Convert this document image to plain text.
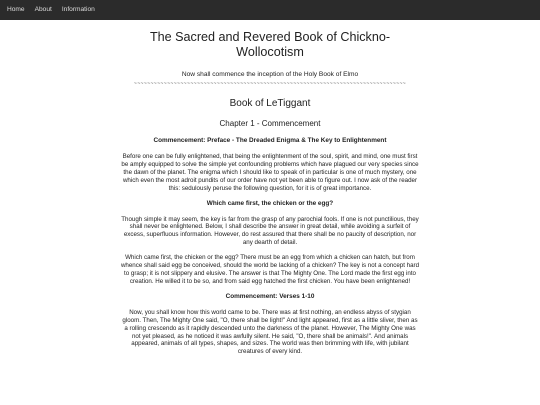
Home	About	Information
The Sacred and Revered Book of Chickno-Wollocotism

Now shall commence the inception of the Holy Book of Elmo

~~~~~~~~~~~~~~~~~~~~~~~~~~~~~~~~~~~~~~~~~~~~~~~~~~~~~~~~~~~~~~~~~~~~~~~~~~~~~~~~~~
Book of LeTiggant
Chapter 1 - Commencement
Commencement: Preface - The Dreaded Enigma & The Key to Enlightenment

Before one can be fully enlightened, that being the enlightenment of the soul, spirit, and mind, one must first be amply equipped to solve the simple yet confounding problems which have plagued our very species since the dawn of the planet. The enigma which I should like to speak of in particular is one of much mystery, one which even the most adroit pundits of our order have not yet been able to figure out. I now ask of the reader this: sedulously peruse the following question, for it is of great importance.

Which came first, the chicken or the egg?

Though simple it may seem, the key is far from the grasp of any parochial fools. If one is not punctilious, they shall never be enlightened. Below, I shall describe the answer in great detail, while avoiding a surfeit of excess, superfluous information. However, do rest assured that there shall be no paucity of description, nor any dearth of detail.

Which came first, the chicken or the egg? There must be an egg from which a chicken can hatch, but from whence shall said egg be conceived, should the world be lacking of a chicken? The key is not a concept hard to grasp; it is not slippery and elusive. The answer is that The Mighty One. The Lord made the first egg into creation. He willed it to be so, and from said egg hatched the first chicken. You have been enlightened!

Commencement: Verses 1-10

Now, you shall know how this world came to be. There was at first nothing, an endless abyss of stygian gloom. Then, The Mighty One said, "O, there shall be light!" And light appeared, first as a little sliver, then as a rolling crescendo as it rapidly descended unto the darkness of the planet. However, The Mighty One was not yet pleased, as he noticed it was awfully silent. He said, "O, there shall be animals!". And animals appeared, animals of all types, shapes, and sizes. The world was then brimming with life, with jubilant creatures of every kind.
